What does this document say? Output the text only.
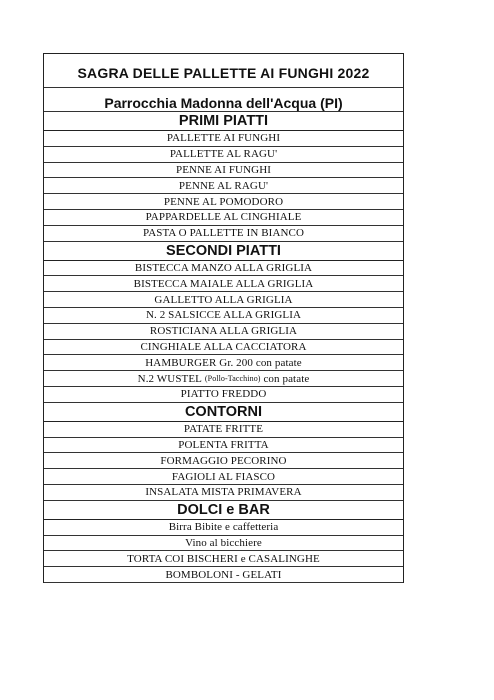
SAGRA DELLE PALLETTE AI FUNGHI 2022
Parrocchia Madonna dell'Acqua (PI)
PRIMI PIATTI
PALLETTE AI FUNGHI
PALLETTE AL RAGU'
PENNE AI FUNGHI
PENNE AL RAGU'
PENNE AL POMODORO
PAPPARDELLE AL CINGHIALE
PASTA O PALLETTE IN BIANCO
SECONDI PIATTI
BISTECCA MANZO ALLA GRIGLIA
BISTECCA MAIALE ALLA GRIGLIA
GALLETTO ALLA GRIGLIA
N. 2 SALSICCE ALLA GRIGLIA
ROSTICIANA ALLA GRIGLIA
CINGHIALE ALLA CACCIATORA
HAMBURGER Gr. 200 con patate
N.2 WUSTEL
(Pollo-Tacchino)
con patate
PIATTO FREDDO
CONTORNI
PATATE FRITTE
POLENTA FRITTA
FORMAGGIO PECORINO
FAGIOLI AL FIASCO
INSALATA MISTA PRIMAVERA
DOLCI e BAR
Birra Bibite e caffetteria
Vino al bicchiere
TORTA COI BISCHERI e CASALINGHE
BOMBOLONI - GELATI
